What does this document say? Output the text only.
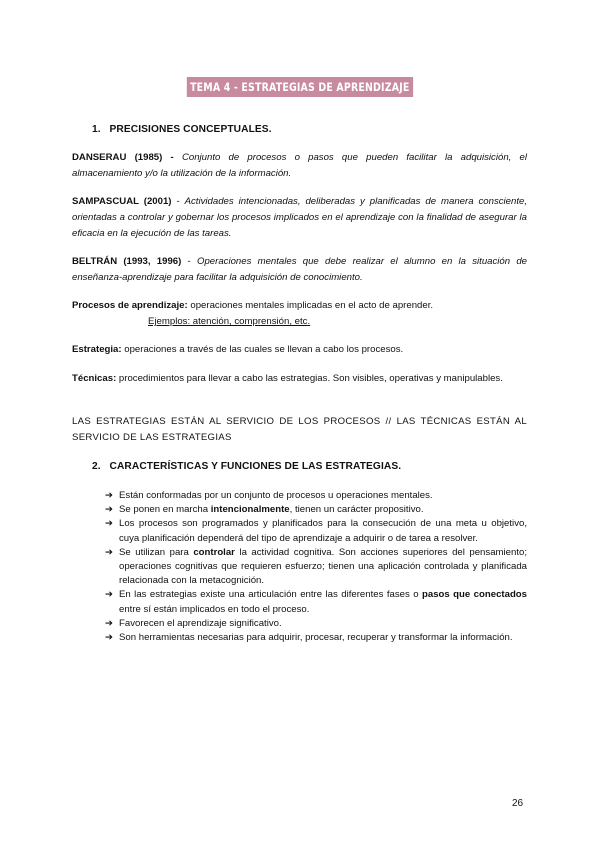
TEMA 4 - ESTRATEGIAS DE APRENDIZAJE
1. PRECISIONES CONCEPTUALES.
DANSERAU (1985) - Conjunto de procesos o pasos que pueden facilitar la adquisición, el almacenamiento y/o la utilización de la información.
SAMPASCUAL (2001) - Actividades intencionadas, deliberadas y planificadas de manera consciente, orientadas a controlar y gobernar los procesos implicados en el aprendizaje con la finalidad de asegurar la eficacia en la ejecución de las tareas.
BELTRÁN (1993, 1996) - Operaciones mentales que debe realizar el alumno en la situación de enseñanza-aprendizaje para facilitar la adquisición de conocimiento.
Procesos de aprendizaje: operaciones mentales implicadas en el acto de aprender.
Ejemplos: atención, comprensión, etc.
Estrategia: operaciones a través de las cuales se llevan a cabo los procesos.
Técnicas: procedimientos para llevar a cabo las estrategias. Son visibles, operativas y manipulables.
LAS ESTRATEGIAS ESTÁN AL SERVICIO DE LOS PROCESOS // LAS TÉCNICAS ESTÁN AL SERVICIO DE LAS ESTRATEGIAS
2. CARACTERÍSTICAS Y FUNCIONES DE LAS ESTRATEGIAS.
➔ Están conformadas por un conjunto de procesos u operaciones mentales.
➔ Se ponen en marcha intencionalmente, tienen un carácter propositivo.
➔ Los procesos son programados y planificados para la consecución de una meta u objetivo, cuya planificación dependerá del tipo de aprendizaje a adquirir o de tarea a resolver.
➔ Se utilizan para controlar la actividad cognitiva. Son acciones superiores del pensamiento; operaciones cognitivas que requieren esfuerzo; tienen una aplicación controlada y planificada relacionada con la metacognición.
➔ En las estrategias existe una articulación entre las diferentes fases o pasos que conectados entre sí están implicados en todo el proceso.
➔ Favorecen el aprendizaje significativo.
➔ Son herramientas necesarias para adquirir, procesar, recuperar y transformar la información.
26
